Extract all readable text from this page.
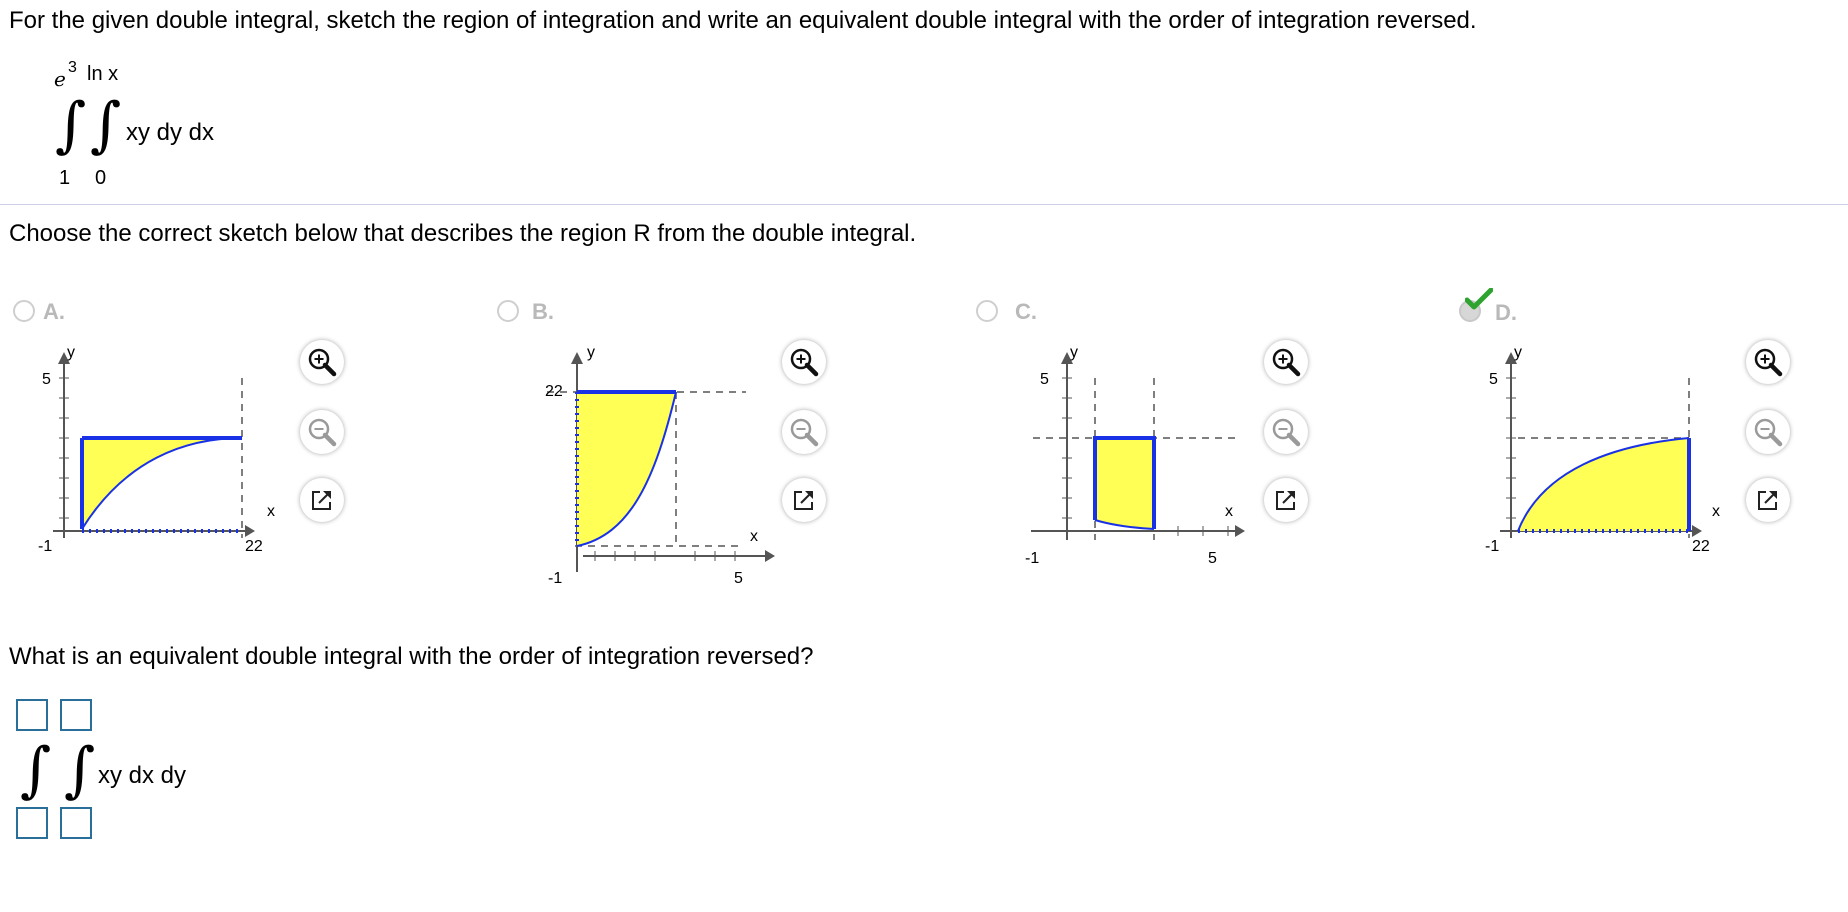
For the given double integral, sketch the region of integration and write an equivalent double integral with the order of integration reversed.
e 3 ln x
∫ ∫ xy dy dx
1 0
Choose the correct sketch below that describes the region R from the double integral.
A.
y
x
5
22
-1
B.
y
x
22
5
-1
C.
y
x
5
5
-1
D.
y
x
5
22
-1
What is an equivalent double integral with the order of integration reversed?
∫ ∫ xy dx dy
